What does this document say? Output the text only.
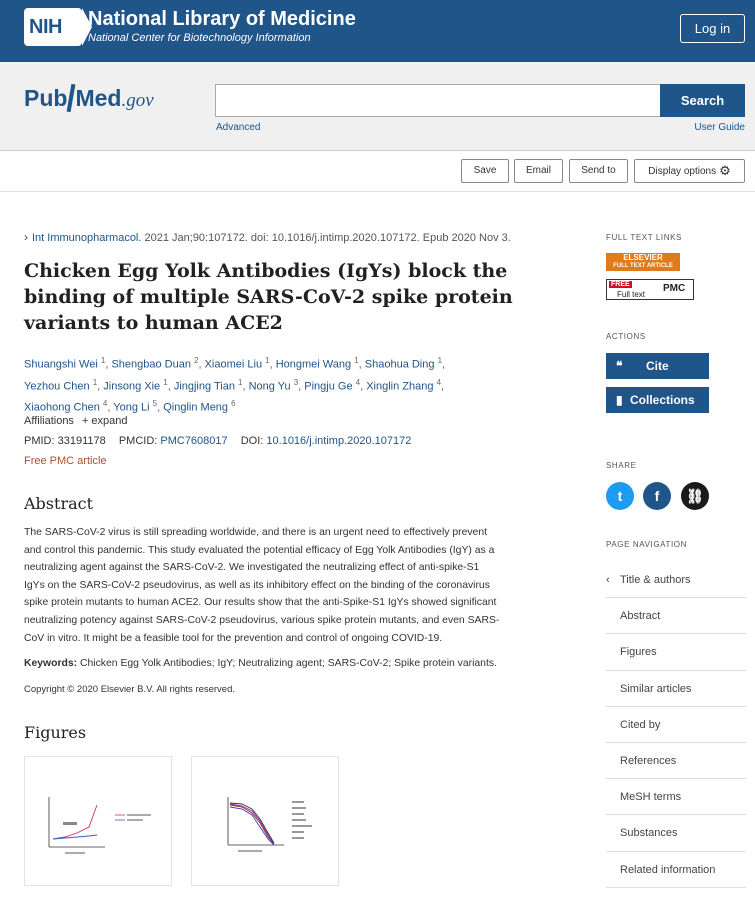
NIH	National Library of Medicine
National Center for Biotechnology Information
Log in
Pub Med.gov	Search
Advanced	User Guide
Save	Email	Send to	Display options ⚙
› Int Immunopharmacol. 2021 Jan;90:107172. doi: 10.1016/j.intimp.2020.107172. Epub 2020 Nov 3.
Chicken Egg Yolk Antibodies (IgYs) block the binding of multiple SARS-CoV-2 spike protein variants to human ACE2
Shuangshi Wei $^1$, Shengbao Duan $^2$, Xiaomei Liu $^1$, Hongmei Wang $^1$, Shaohua Ding $^1$,
Yezhou Chen $^1$, Jinsong Xie $^1$, Jingjing Tian $^1$, Nong Yu $^3$, Pingju Ge $^4$, Xinglin Zhang $^4$,
Xiaohong Chen $^4$, Yong Li $^5$, Qinglin Meng $^6$
Affiliations + expand
PMID: 33191178 PMCID: PMC7608017 DOI: 10.1016/j.intimp.2020.107172
Free PMC article
Abstract
The SARS-CoV-2 virus is still spreading worldwide, and there is an urgent need to effectively prevent
and control this pandemic. This study evaluated the potential efficacy of Egg Yolk Antibodies (IgY) as a
neutralizing agent against the SARS-CoV-2. We investigated the neutralizing effect of anti-spike-S1
IgYs on the SARS-CoV-2 pseudovirus, as well as its inhibitory effect on the binding of the coronavirus
spike protein mutants to human ACE2. Our results show that the anti-Spike-S1 IgYs showed significant
neutralizing potency against SARS-CoV-2 pseudovirus, various spike protein mutants, and even SARS-
CoV in vitro. It might be a feasible tool for the prevention and control of ongoing COVID-19.
Keywords: Chicken Egg Yolk Antibodies; IgY; Neutralizing agent; SARS-CoV-2; Spike protein variants.
Copyright © 2020 Elsevier B.V. All rights reserved.
Figures
FULL TEXT LINKS
ELSEVIER
FULL TEXT ARTICLE
FREE
Full text
PMC
ACTIONS
❝ Cite
▮ Collections
SHARE
t	f	⛓
PAGE NAVIGATION
‹ Title & authors
Abstract
Figures
Similar articles
Cited by
References
MeSH terms
Substances
Related information
